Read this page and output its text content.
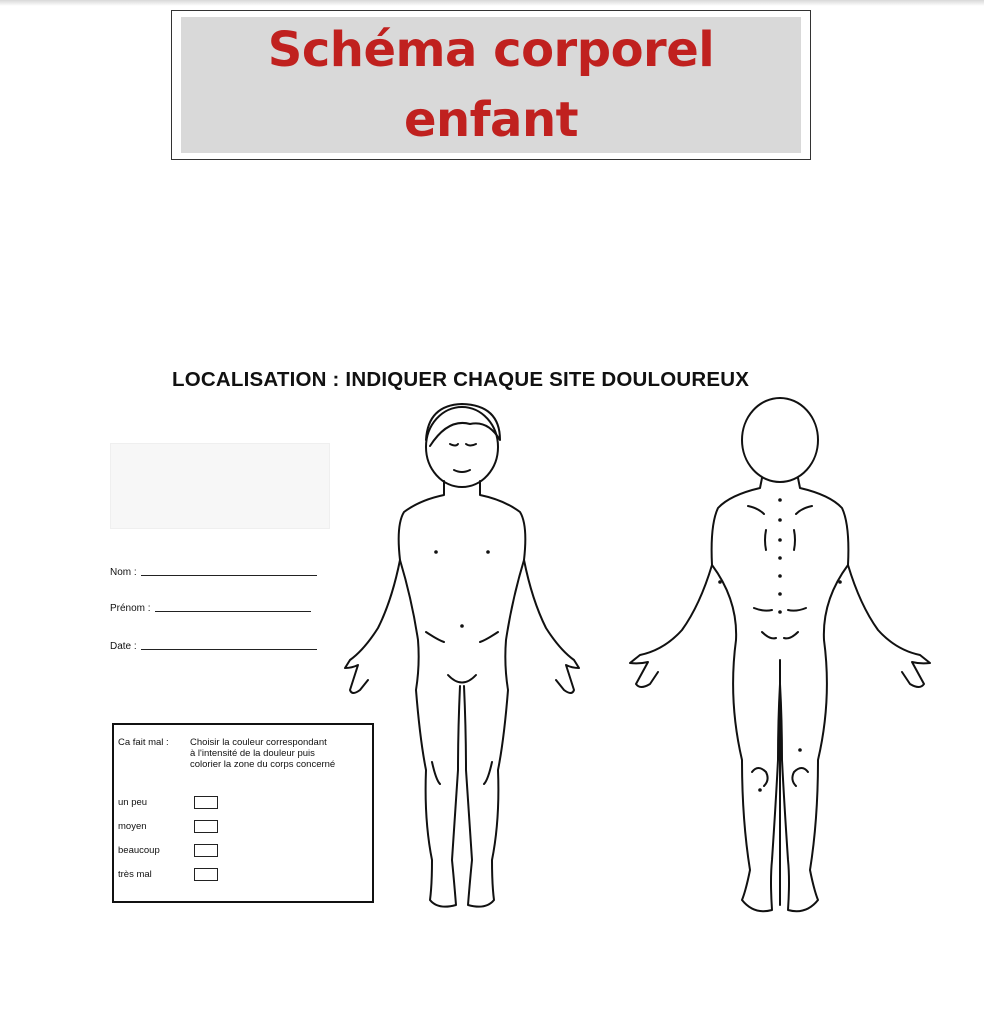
Schéma corporel
enfant
LOCALISATION : INDIQUER CHAQUE SITE DOULOUREUX
Nom :
Prénom :
Date :
Ca fait mal : Choisir la couleur correspondant
à l'intensité de la douleur puis
colorier la zone du corps concerné
un peu
moyen
beaucoup
très mal
